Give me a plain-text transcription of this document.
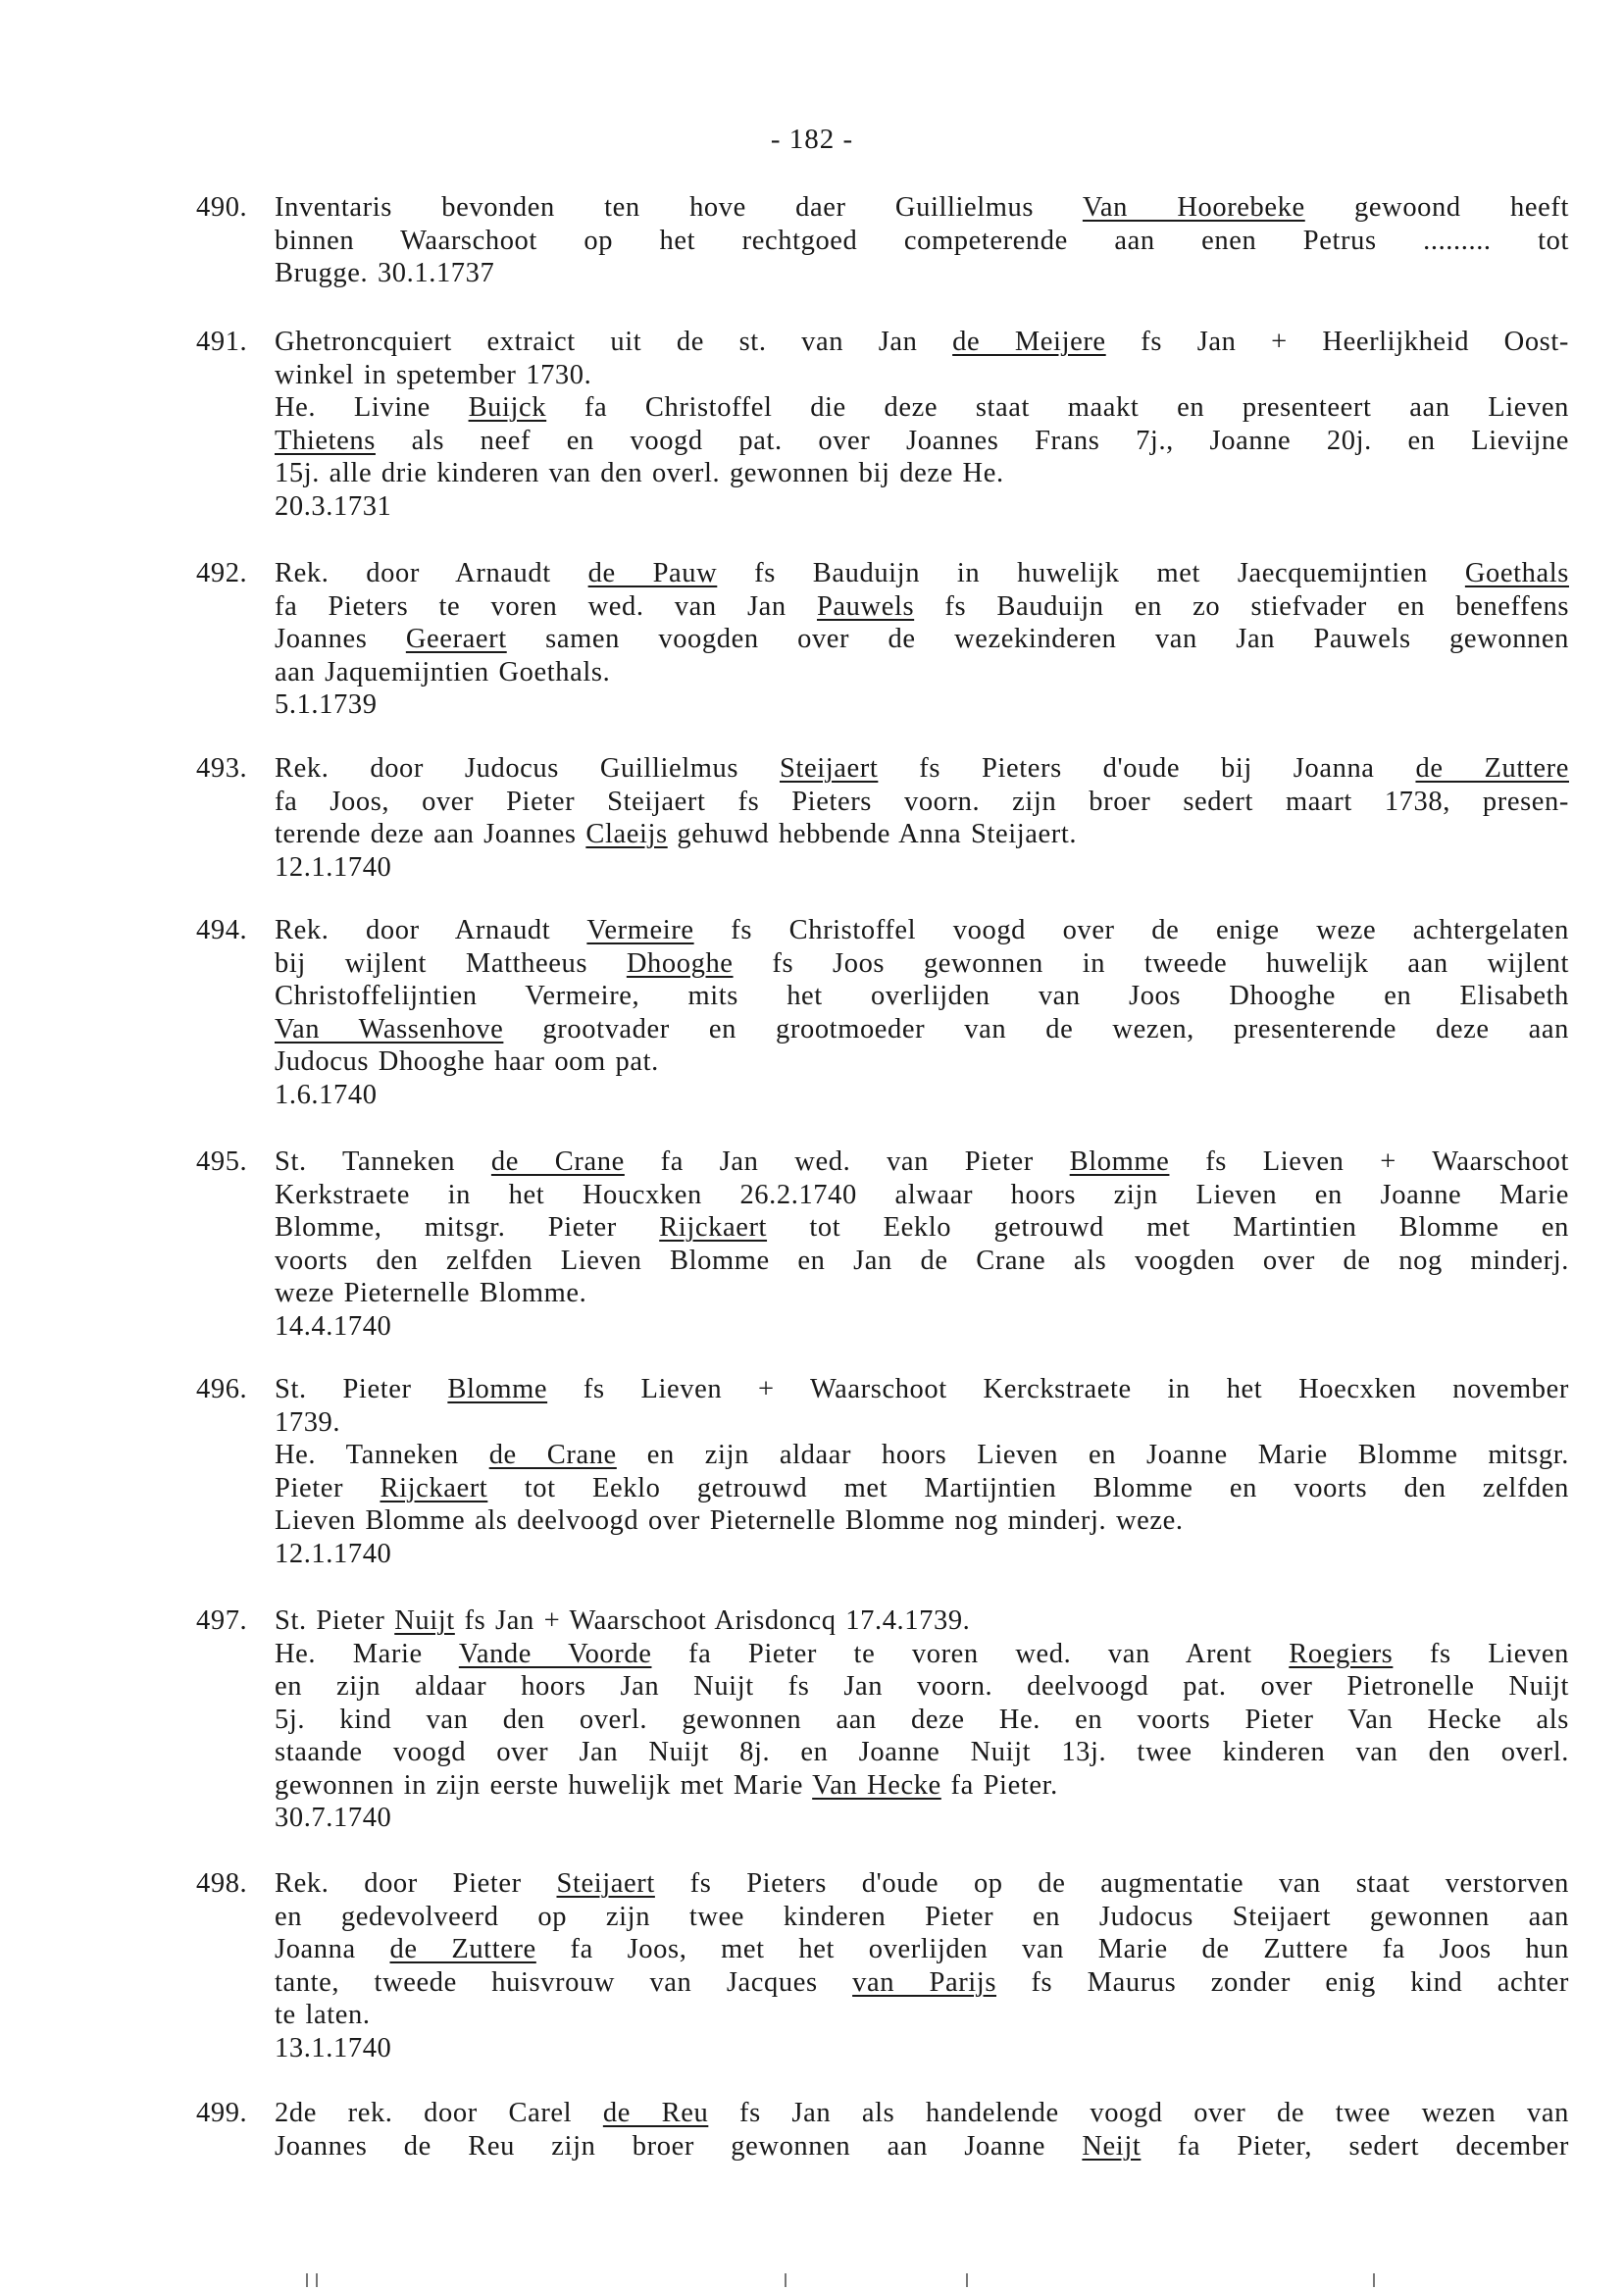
- 182 -
490. Inventaris bevonden ten hove daer Guillielmus Van Hoorebeke gewoond heeft
binnen Waarschoot op het rechtgoed competerende aan enen Petrus ......... tot
Brugge. 30.1.1737
491. Ghetroncquiert extraict uit de st. van Jan de Meijere fs Jan + Heerlijkheid Oost-
winkel in spetember 1730.
He. Livine Buijck fa Christoffel die deze staat maakt en presenteert aan Lieven
Thietens als neef en voogd pat. over Joannes Frans 7j., Joanne 20j. en Lievijne
15j. alle drie kinderen van den overl. gewonnen bij deze He.
20.3.1731
492. Rek. door Arnaudt de Pauw fs Bauduijn in huwelijk met Jaecquemijntien Goethals
fa Pieters te voren wed. van Jan Pauwels fs Bauduijn en zo stiefvader en beneffens
Joannes Geeraert samen voogden over de wezekinderen van Jan Pauwels gewonnen
aan Jaquemijntien Goethals.
5.1.1739
493. Rek. door Judocus Guillielmus Steijaert fs Pieters d'oude bij Joanna de Zuttere
fa Joos, over Pieter Steijaert fs Pieters voorn. zijn broer sedert maart 1738, presen-
terende deze aan Joannes Claeijs gehuwd hebbende Anna Steijaert.
12.1.1740
494. Rek. door Arnaudt Vermeire fs Christoffel voogd over de enige weze achtergelaten
bij wijlent Mattheeus Dhooghe fs Joos gewonnen in tweede huwelijk aan wijlent
Christoffelijntien Vermeire, mits het overlijden van Joos Dhooghe en Elisabeth
Van Wassenhove grootvader en grootmoeder van de wezen, presenterende deze aan
Judocus Dhooghe haar oom pat.
1.6.1740
495. St. Tanneken de Crane fa Jan wed. van Pieter Blomme fs Lieven + Waarschoot
Kerkstraete in het Houcxken 26.2.1740 alwaar hoors zijn Lieven en Joanne Marie
Blomme, mitsgr. Pieter Rijckaert tot Eeklo getrouwd met Martintien Blomme en
voorts den zelfden Lieven Blomme en Jan de Crane als voogden over de nog minderj.
weze Pieternelle Blomme.
14.4.1740
496. St. Pieter Blomme fs Lieven + Waarschoot Kerckstraete in het Hoecxken november
1739.
He. Tanneken de Crane en zijn aldaar hoors Lieven en Joanne Marie Blomme mitsgr.
Pieter Rijckaert tot Eeklo getrouwd met Martijntien Blomme en voorts den zelfden
Lieven Blomme als deelvoogd over Pieternelle Blomme nog minderj. weze.
12.1.1740
497. St. Pieter Nuijt fs Jan + Waarschoot Arisdoncq 17.4.1739.
He. Marie Vande Voorde fa Pieter te voren wed. van Arent Roegiers fs Lieven
en zijn aldaar hoors Jan Nuijt fs Jan voorn. deelvoogd pat. over Pietronelle Nuijt
5j. kind van den overl. gewonnen aan deze He. en voorts Pieter Van Hecke als
staande voogd over Jan Nuijt 8j. en Joanne Nuijt 13j. twee kinderen van den overl.
gewonnen in zijn eerste huwelijk met Marie Van Hecke fa Pieter.
30.7.1740
498. Rek. door Pieter Steijaert fs Pieters d'oude op de augmentatie van staat verstorven
en gedevolveerd op zijn twee kinderen Pieter en Judocus Steijaert gewonnen aan
Joanna de Zuttere fa Joos, met het overlijden van Marie de Zuttere fa Joos hun
tante, tweede huisvrouw van Jacques van Parijs fs Maurus zonder enig kind achter
te laten.
13.1.1740
499. 2de rek. door Carel de Reu fs Jan als handelende voogd over de twee wezen van
Joannes de Reu zijn broer gewonnen aan Joanne Neijt fa Pieter, sedert december
